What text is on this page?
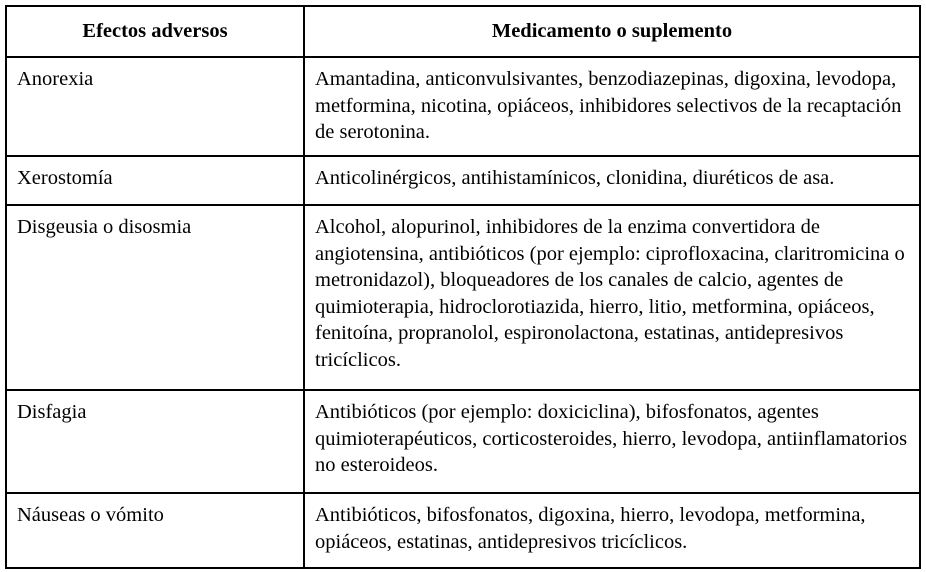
Efectos adversos	Medicamento o suplemento
Anorexia	Amantadina, anticonvulsivantes, benzodiazepinas, digoxina, levodopa, metformina, nicotina, opiáceos, inhibidores selectivos de la recaptación de serotonina.
Xerostomía	Anticolinérgicos, antihistamínicos, clonidina, diuréticos de asa.
Disgeusia o disosmia	Alcohol, alopurinol, inhibidores de la enzima convertidora de angiotensina, antibióticos (por ejemplo: ciprofloxacina, claritromicina o metronidazol), bloqueadores de los canales de calcio, agentes de quimioterapia, hidroclorotiazida, hierro, litio, metformina, opiáceos, fenitoína, propranolol, espironolactona, estatinas, antidepresivos tricíclicos.
Disfagia	Antibióticos (por ejemplo: doxiciclina), bifosfonatos, agentes quimioterapéuticos, corticosteroides, hierro, levodopa, antiinflamatorios no esteroideos.
Náuseas o vómito	Antibióticos, bifosfonatos, digoxina, hierro, levodopa, metformina, opiáceos, estatinas, antidepresivos tricíclicos.
